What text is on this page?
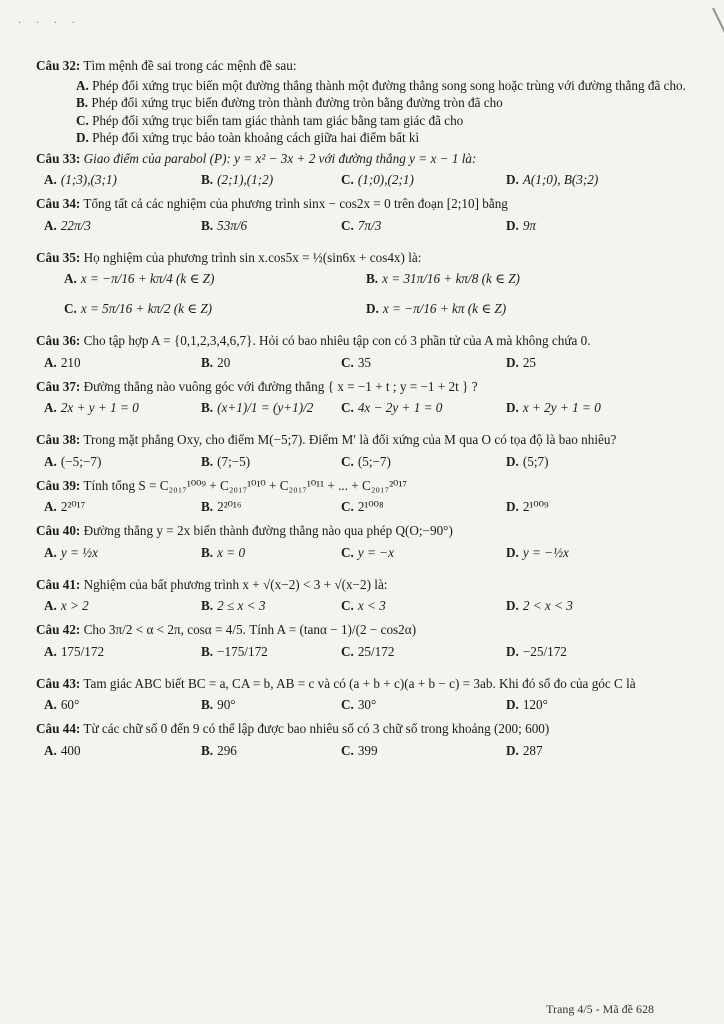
· · · ·
Câu 32: Tìm mệnh đề sai trong các mệnh đề sau:
A. Phép đối xứng trục biến một đường thẳng thành một đường thẳng song song hoặc trùng với đường thẳng đã cho.
B. Phép đối xứng trục biến đường tròn thành đường tròn bằng đường tròn đã cho
C. Phép đối xứng trục biến tam giác thành tam giác bằng tam giác đã cho
D. Phép đối xứng trục bảo toàn khoảng cách giữa hai điểm bất kì
Câu 33: Giao điểm của parabol (P): y = x² − 3x + 2 với đường thẳng y = x − 1 là:
A. (1;3),(3;1)	B. (2;1),(1;2)	C. (1;0),(2;1)	D. A(1;0), B(3;2)
Câu 34: Tổng tất cả các nghiệm của phương trình sinx − cos2x = 0 trên đoạn [2;10] bằng
A. 22π/3	B. 53π/6	C. 7π/3	D. 9π
Câu 35: Họ nghiệm của phương trình sin x.cos5x = ½(sin6x + cos4x) là:
A. x = −π/16 + kπ/4 (k ∈ Z)	B. x = 31π/16 + kπ/8 (k ∈ Z)
C. x = 5π/16 + kπ/2 (k ∈ Z)	D. x = −π/16 + kπ (k ∈ Z)
Câu 36: Cho tập hợp A = {0,1,2,3,4,6,7}. Hỏi có bao nhiêu tập con có 3 phần tử của A mà không chứa 0.
A. 210	B. 20	C. 35	D. 25
Câu 37: Đường thẳng nào vuông góc với đường thẳng { x = −1 + t ; y = −1 + 2t } ?
A. 2x + y + 1 = 0	B. (x+1)/1 = (y+1)/2 C. 4x − 2y + 1 = 0	D. x + 2y + 1 = 0
Câu 38: Trong mặt phẳng Oxy, cho điểm M(−5;7). Điểm M′ là đối xứng của M qua O có tọa độ là bao nhiêu?
A. (−5;−7)	B. (7;−5)	C. (5;−7)	D. (5;7)
Câu 39: Tính tổng S = C₂₀₁₇¹⁰⁰⁹ + C₂₀₁₇¹⁰¹⁰ + C₂₀₁₇¹⁰¹¹ + ... + C₂₀₁₇²⁰¹⁷
A. 2²⁰¹⁷	B. 2²⁰¹⁶	C. 2¹⁰⁰⁸	D. 2¹⁰⁰⁹
Câu 40: Đường thẳng y = 2x biến thành đường thẳng nào qua phép Q(O;−90°)
A. y = ½x	B. x = 0	C. y = −x	D. y = −½x
Câu 41: Nghiệm của bất phương trình x + √(x−2) < 3 + √(x−2) là:
A. x > 2	B. 2 ≤ x < 3	C. x < 3	D. 2 < x < 3
Câu 42: Cho 3π/2 < α < 2π, cosα = 4/5. Tính A = (tanα − 1)/(2 − cos2α)
A. 175/172	B. −175/172	C. 25/172	D. −25/172
Câu 43: Tam giác ABC biết BC = a, CA = b, AB = c và có (a + b + c)(a + b − c) = 3ab. Khi đó số đo của góc C là
A. 60°	B. 90°	C. 30°	D. 120°
Câu 44: Từ các chữ số 0 đến 9 có thể lập được bao nhiêu số có 3 chữ số trong khoảng (200; 600)
A. 400	B. 296	C. 399	D. 287
Trang 4/5 - Mã đề 628
